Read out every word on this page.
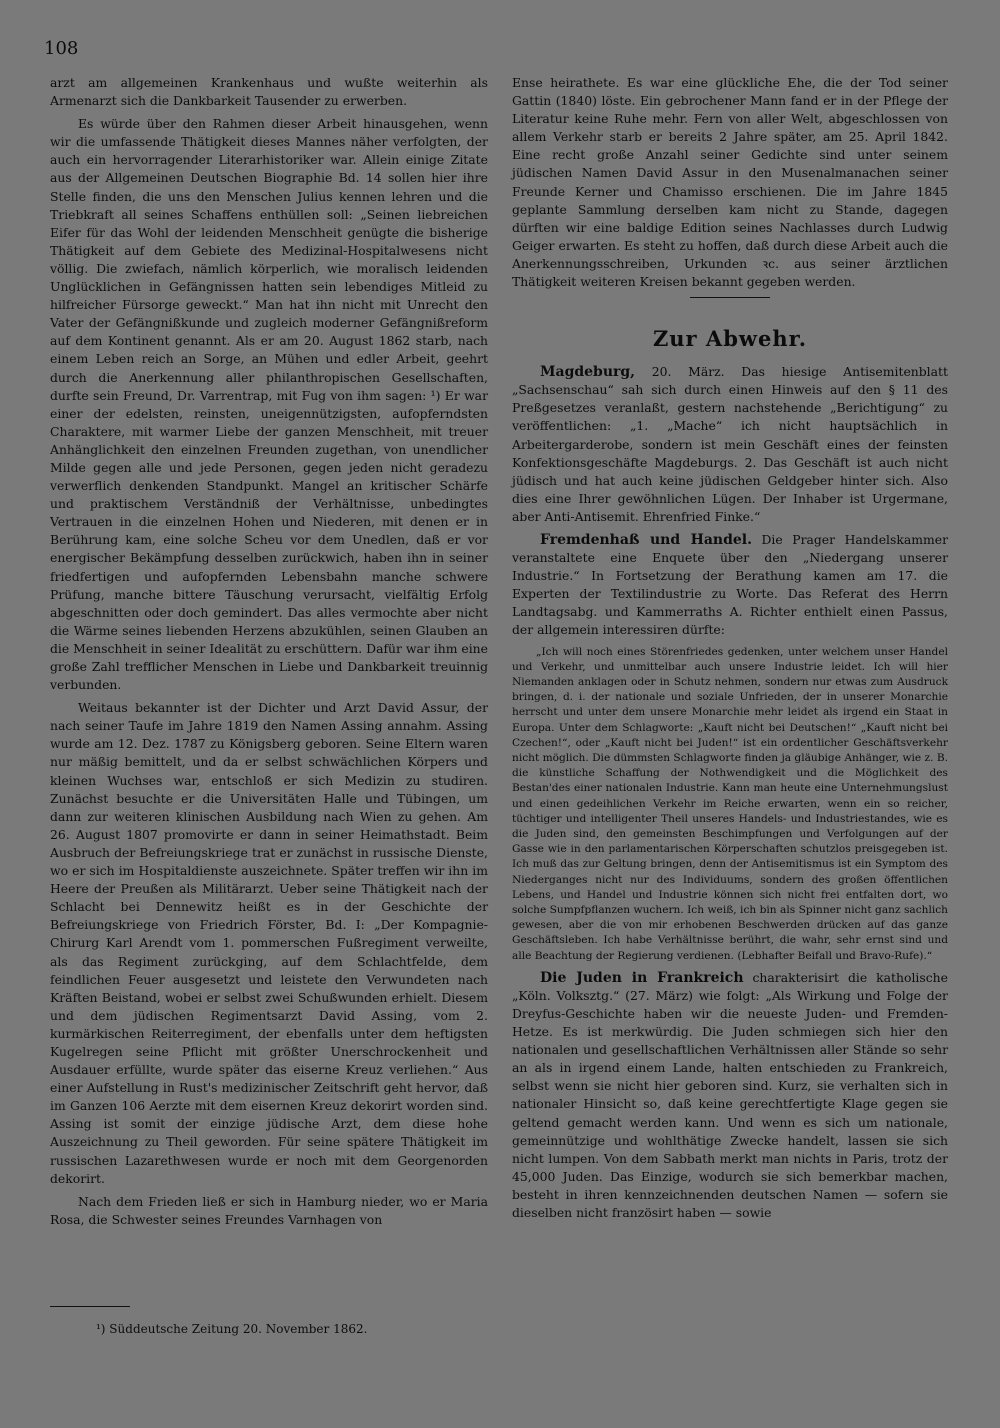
108

arzt am allgemeinen Krankenhaus und wußte weiterhin als Armenarzt sich die Dankbarkeit Tausender zu erwerben.

Es würde über den Rahmen dieser Arbeit hinausgehen, wenn wir die umfassende Thätigkeit dieses Mannes näher verfolgten, der auch ein hervorragender Literarhistoriker war. Allein einige Zitate aus der Allgemeinen Deutschen Biographie Bd. 14 sollen hier ihre Stelle finden, die uns den Menschen Julius kennen lehren und die Triebkraft all seines Schaffens enthüllen soll: „Seinen liebreichen Eifer für das Wohl der leidenden Menschheit genügte die bisherige Thätigkeit auf dem Gebiete des Medizinal-Hospitalwesens nicht völlig. Die zwiefach, nämlich körperlich, wie moralisch leidenden Unglücklichen in Gefängnissen hatten sein lebendiges Mitleid zu hilfreicher Fürsorge geweckt.“ Man hat ihn nicht mit Unrecht den Vater der Gefängnißkunde und zugleich moderner Gefängnißreform auf dem Kontinent genannt. Als er am 20. August 1862 starb, nach einem Leben reich an Sorge, an Mühen und edler Arbeit, geehrt durch die Anerkennung aller philanthropischen Gesellschaften, durfte sein Freund, Dr. Varrentrap, mit Fug von ihm sagen: ¹) Er war einer der edelsten, reinsten, uneigennützigsten, aufopferndsten Charaktere, mit warmer Liebe der ganzen Menschheit, mit treuer Anhänglichkeit den einzelnen Freunden zugethan, von unendlicher Milde gegen alle und jede Personen, gegen jeden nicht geradezu verwerflich denkenden Standpunkt. Mangel an kritischer Schärfe und praktischem Verständniß der Verhältnisse, unbedingtes Vertrauen in die einzelnen Hohen und Niederen, mit denen er in Berührung kam, eine solche Scheu vor dem Unedlen, daß er vor energischer Bekämpfung desselben zurückwich, haben ihn in seiner friedfertigen und aufopfernden Lebensbahn manche schwere Prüfung, manche bittere Täuschung verursacht, vielfältig Erfolg abgeschnitten oder doch gemindert. Das alles vermochte aber nicht die Wärme seines liebenden Herzens abzukühlen, seinen Glauben an die Menschheit in seiner Idealität zu erschüttern. Dafür war ihm eine große Zahl trefflicher Menschen in Liebe und Dankbarkeit treuinnig verbunden.

Weitaus bekannter ist der Dichter und Arzt David Assur, der nach seiner Taufe im Jahre 1819 den Namen Assing annahm. Assing wurde am 12. Dez. 1787 zu Königsberg geboren. Seine Eltern waren nur mäßig bemittelt, und da er selbst schwächlichen Körpers und kleinen Wuchses war, entschloß er sich Medizin zu studiren. Zunächst besuchte er die Universitäten Halle und Tübingen, um dann zur weiteren klinischen Ausbildung nach Wien zu gehen. Am 26. August 1807 promovirte er dann in seiner Heimathstadt. Beim Ausbruch der Befreiungskriege trat er zunächst in russische Dienste, wo er sich im Hospitaldienste auszeichnete. Später treffen wir ihn im Heere der Preußen als Militärarzt. Ueber seine Thätigkeit nach der Schlacht bei Dennewitz heißt es in der Geschichte der Befreiungskriege von Friedrich Förster, Bd. I: „Der Kompagnie-Chirurg Karl Arendt vom 1. pommerschen Fußregiment verweilte, als das Regiment zurückging, auf dem Schlachtfelde, dem feindlichen Feuer ausgesetzt und leistete den Verwundeten nach Kräften Beistand, wobei er selbst zwei Schußwunden erhielt. Diesem und dem jüdischen Regimentsarzt David Assing, vom 2. kurmärkischen Reiterregiment, der ebenfalls unter dem heftigsten Kugelregen seine Pflicht mit größter Unerschrockenheit und Ausdauer erfüllte, wurde später das eiserne Kreuz verliehen.“ Aus einer Aufstellung in Rust's medizinischer Zeitschrift geht hervor, daß im Ganzen 106 Aerzte mit dem eisernen Kreuz dekorirt worden sind. Assing ist somit der einzige jüdische Arzt, dem diese hohe Auszeichnung zu Theil geworden. Für seine spätere Thätigkeit im russischen Lazarethwesen wurde er noch mit dem Georgenorden dekorirt.

Nach dem Frieden ließ er sich in Hamburg nieder, wo er Maria Rosa, die Schwester seines Freundes Varnhagen von

Ense heirathete. Es war eine glückliche Ehe, die der Tod seiner Gattin (1840) löste. Ein gebrochener Mann fand er in der Pflege der Literatur keine Ruhe mehr. Fern von aller Welt, abgeschlossen von allem Verkehr starb er bereits 2 Jahre später, am 25. April 1842. Eine recht große Anzahl seiner Gedichte sind unter seinem jüdischen Namen David Assur in den Musenalmanachen seiner Freunde Kerner und Chamisso erschienen. Die im Jahre 1845 geplante Sammlung derselben kam nicht zu Stande, dagegen dürften wir eine baldige Edition seines Nachlasses durch Ludwig Geiger erwarten. Es steht zu hoffen, daß durch diese Arbeit auch die Anerkennungsschreiben, Urkunden ꝛc. aus seiner ärztlichen Thätigkeit weiteren Kreisen bekannt gegeben werden.

Zur Abwehr.

Magdeburg, 20. März. Das hiesige Antisemitenblatt „Sachsenschau“ sah sich durch einen Hinweis auf den § 11 des Preßgesetzes veranlaßt, gestern nachstehende „Berichtigung“ zu veröffentlichen: „1. „Mache“ ich nicht hauptsächlich in Arbeitergarderobe, sondern ist mein Geschäft eines der feinsten Konfektionsgeschäfte Magdeburgs. 2. Das Geschäft ist auch nicht jüdisch und hat auch keine jüdischen Geldgeber hinter sich. Also dies eine Ihrer gewöhnlichen Lügen. Der Inhaber ist Urgermane, aber Anti-Antisemit. Ehrenfried Finke.“

Fremdenhaß und Handel. Die Prager Handelskammer veranstaltete eine Enquete über den „Niedergang unserer Industrie.“ In Fortsetzung der Berathung kamen am 17. die Experten der Textilindustrie zu Worte. Das Referat des Herrn Landtagsabg. und Kammerraths A. Richter enthielt einen Passus, der allgemein interessiren dürfte:

„Ich will noch eines Störenfriedes gedenken, unter welchem unser Handel und Verkehr, und unmittelbar auch unsere Industrie leidet. Ich will hier Niemanden anklagen oder in Schutz nehmen, sondern nur etwas zum Ausdruck bringen, d. i. der nationale und soziale Unfrieden, der in unserer Monarchie herrscht und unter dem unsere Monarchie mehr leidet als irgend ein Staat in Europa. Unter dem Schlagworte: „Kauft nicht bei Deutschen!“ „Kauft nicht bei Czechen!“, oder „Kauft nicht bei Juden!“ ist ein ordentlicher Geschäftsverkehr nicht möglich. Die dümmsten Schlagworte finden ja gläubige Anhänger, wie z. B. die künstliche Schaffung der Nothwendigkeit und die Möglichkeit des Bestan'des einer nationalen Industrie. Kann man heute eine Unternehmungslust und einen gedeihlichen Verkehr im Reiche erwarten, wenn ein so reicher, tüchtiger und intelligenter Theil unseres Handels- und Industriestandes, wie es die Juden sind, den gemeinsten Beschimpfungen und Verfolgungen auf der Gasse wie in den parlamentarischen Körperschaften schutzlos preisgegeben ist. Ich muß das zur Geltung bringen, denn der Antisemitismus ist ein Symptom des Niederganges nicht nur des Individuums, sondern des großen öffentlichen Lebens, und Handel und Industrie können sich nicht frei entfalten dort, wo solche Sumpfpflanzen wuchern. Ich weiß, ich bin als Spinner nicht ganz sachlich gewesen, aber die von mir erhobenen Beschwerden drücken auf das ganze Geschäftsleben. Ich habe Verhältnisse berührt, die wahr, sehr ernst sind und alle Beachtung der Regierung verdienen. (Lebhafter Beifall und Bravo-Rufe).“

Die Juden in Frankreich charakterisirt die katholische „Köln. Volksztg.“ (27. März) wie folgt: „Als Wirkung und Folge der Dreyfus-Geschichte haben wir die neueste Juden- und Fremden-Hetze. Es ist merkwürdig. Die Juden schmiegen sich hier den nationalen und gesellschaftlichen Verhältnissen aller Stände so sehr an als in irgend einem Lande, halten entschieden zu Frankreich, selbst wenn sie nicht hier geboren sind. Kurz, sie verhalten sich in nationaler Hinsicht so, daß keine gerechtfertigte Klage gegen sie geltend gemacht werden kann. Und wenn es sich um nationale, gemeinnützige und wohlthätige Zwecke handelt, lassen sie sich nicht lumpen. Von dem Sabbath merkt man nichts in Paris, trotz der 45,000 Juden. Das Einzige, wodurch sie sich bemerkbar machen, besteht in ihren kennzeichnenden deutschen Namen — sofern sie dieselben nicht französirt haben — sowie

¹) Süddeutsche Zeitung 20. November 1862.
